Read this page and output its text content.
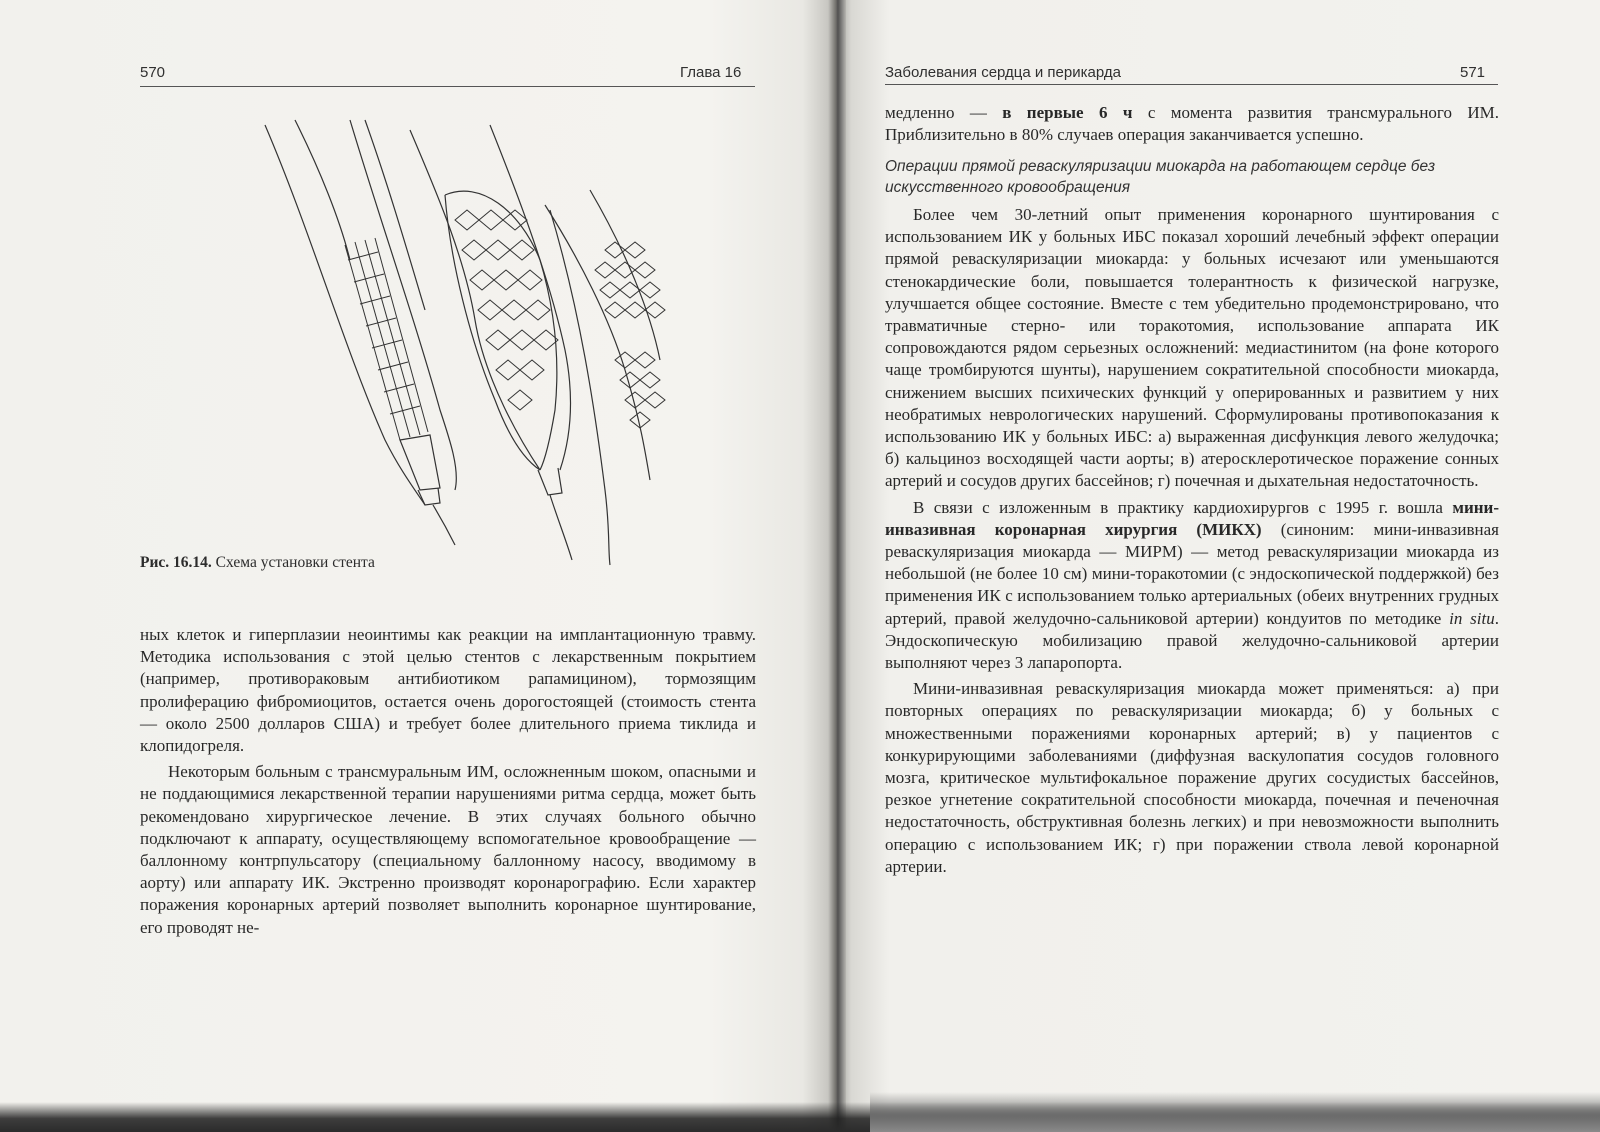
570	Глава 16
Рис. 16.14. Схема установки стента

ных клеток и гиперплазии неоинтимы как реакции на имплантационную травму. Методика использования с этой целью стентов с лекарственным покрытием (например, противораковым антибиотиком рапамицином), тормозящим пролиферацию фибромиоцитов, остается очень дорогостоящей (стоимость стента — около 2500 долларов США) и требует более длительного приема тиклида и клопидогреля.

Некоторым больным с трансмуральным ИМ, осложненным шоком, опасными и не поддающимися лекарственной терапии нарушениями ритма сердца, может быть рекомендовано хирургическое лечение. В этих случаях больного обычно подключают к аппарату, осуществляющему вспомогательное кровообращение — баллонному контрпульсатору (специальному баллонному насосу, вводимому в аорту) или аппарату ИК. Экстренно производят коронарографию. Если характер поражения коронарных артерий позволяет выполнить коронарное шунтирование, его проводят не-

Заболевания сердца и перикарда	571

медленно — в первые 6 ч с момента развития трансмурального ИМ. Приблизительно в 80% случаев операция заканчивается успешно.

Операции прямой реваскуляризации миокарда на работающем сердце без искусственного кровообращения

Более чем 30-летний опыт применения коронарного шунтирования с использованием ИК у больных ИБС показал хороший лечебный эффект операции прямой реваскуляризации миокарда: у больных исчезают или уменьшаются стенокардические боли, повышается толерантность к физической нагрузке, улучшается общее состояние. Вместе с тем убедительно продемонстрировано, что травматичные стерно- или торакотомия, использование аппарата ИК сопровождаются рядом серьезных осложнений: медиастинитом (на фоне которого чаще тромбируются шунты), нарушением сократительной способности миокарда, снижением высших психических функций у оперированных и развитием у них необратимых неврологических нарушений. Сформулированы противопоказания к использованию ИК у больных ИБС: а) выраженная дисфункция левого желудочка; б) кальциноз восходящей части аорты; в) атеросклеротическое поражение сонных артерий и сосудов других бассейнов; г) почечная и дыхательная недостаточность.

В связи с изложенным в практику кардиохирургов с 1995 г. вошла мини-инвазивная коронарная хирургия (МИКХ) (синоним: мини-инвазивная реваскуляризация миокарда — МИРМ) — метод реваскуляризации миокарда из небольшой (не более 10 см) мини-торакотомии (с эндоскопической поддержкой) без применения ИК с использованием только артериальных (обеих внутренних грудных артерий, правой желудочно-сальниковой артерии) кондуитов по методике in situ. Эндоскопическую мобилизацию правой желудочно-сальниковой артерии выполняют через 3 лапаропорта.

Мини-инвазивная реваскуляризация миокарда может применяться: а) при повторных операциях по реваскуляризации миокарда; б) у больных с множественными поражениями коронарных артерий; в) у пациентов с конкурирующими заболеваниями (диффузная васкулопатия сосудов головного мозга, критическое мультифокальное поражение других сосудистых бассейнов, резкое угнетение сократительной способности миокарда, почечная и печеночная недостаточность, обструктивная болезнь легких) и при невозможности выполнить операцию с использованием ИК; г) при поражении ствола левой коронарной артерии.
